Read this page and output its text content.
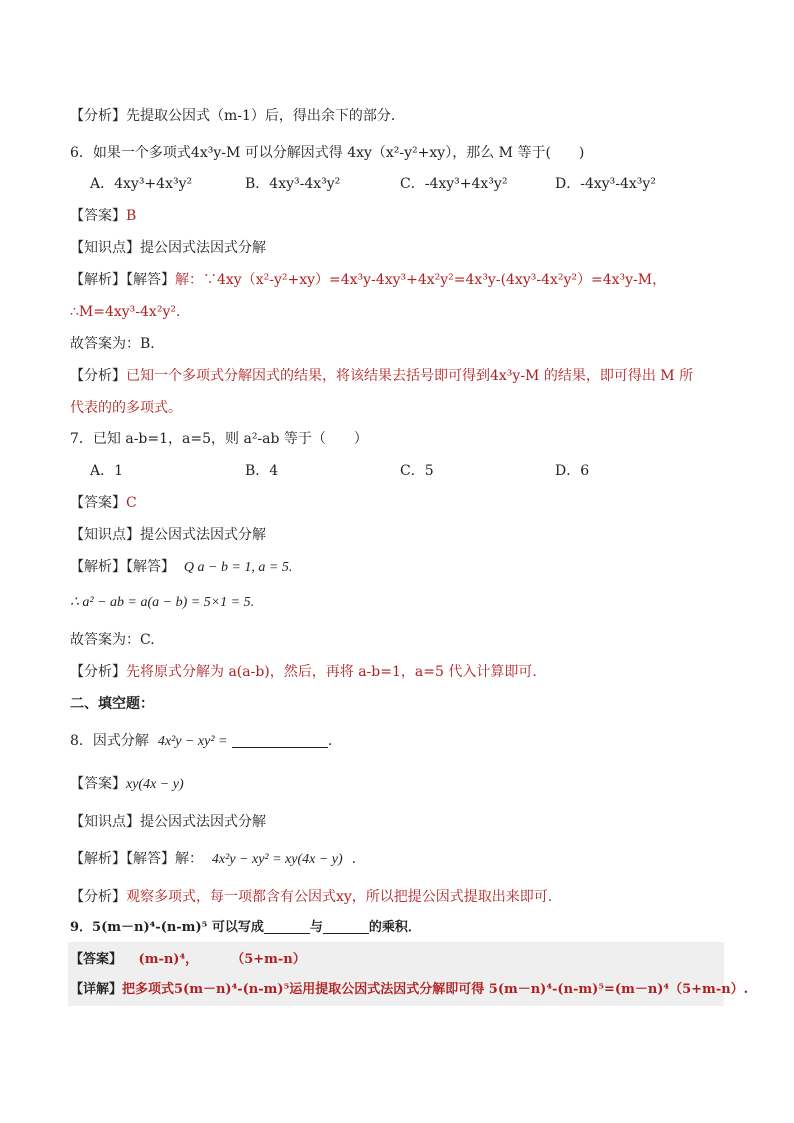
【分析】先提取公因式（m-1）后，得出余下的部分．
6．如果一个多项式4x³y-M 可以分解因式得 4xy（x²-y²+xy），那么 M 等于(　　)
A．4xy³+4x³y²	B．4xy³-4x³y²	C．-4xy³+4x³y²	D．-4xy³-4x³y²
【答案】B
【知识点】提公因式法因式分解
【解析】【解答】解：∵4xy（x²-y²+xy）=4x³y-4xy³+4x²y²=4x³y-(4xy³-4x²y²）=4x³y-M，
∴M=4xy³-4x²y²．
故答案为：B．
【分析】已知一个多项式分解因式的结果，将该结果去括号即可得到4x³y-M 的结果，即可得出 M 所
代表的的多项式。
7．已知 a-b=1，a=5，则 a²-ab 等于（　　）
A．1	B．4	C．5	D．6
【答案】C
【知识点】提公因式法因式分解
【解析】【解答】 Q a − b = 1, a = 5.
∴ a² − ab = a(a − b) = 5×1 = 5.
故答案为：C.
【分析】先将原式分解为 a(a-b)，然后，再将 a-b=1，a=5 代入计算即可.
二、填空题：
8．因式分解  4x²y − xy² =	.
【答案】xy(4x − y)
【知识点】提公因式法因式分解
【解析】【解答】解： 4x²y − xy² = xy(4x − y) .
【分析】观察多项式，每一项都含有公因式xy，所以把提公因式提取出来即可.
9．5(m－n)⁴-(n-m)⁵ 可以写成	与	的乘积．
【答案】 (m-n)⁴，	（5+m-n）
【详解】把多项式5(m－n)⁴-(n-m)⁵运用提取公因式法因式分解即可得 5(m－n)⁴-(n-m)⁵=(m－n)⁴（5+m-n）.
